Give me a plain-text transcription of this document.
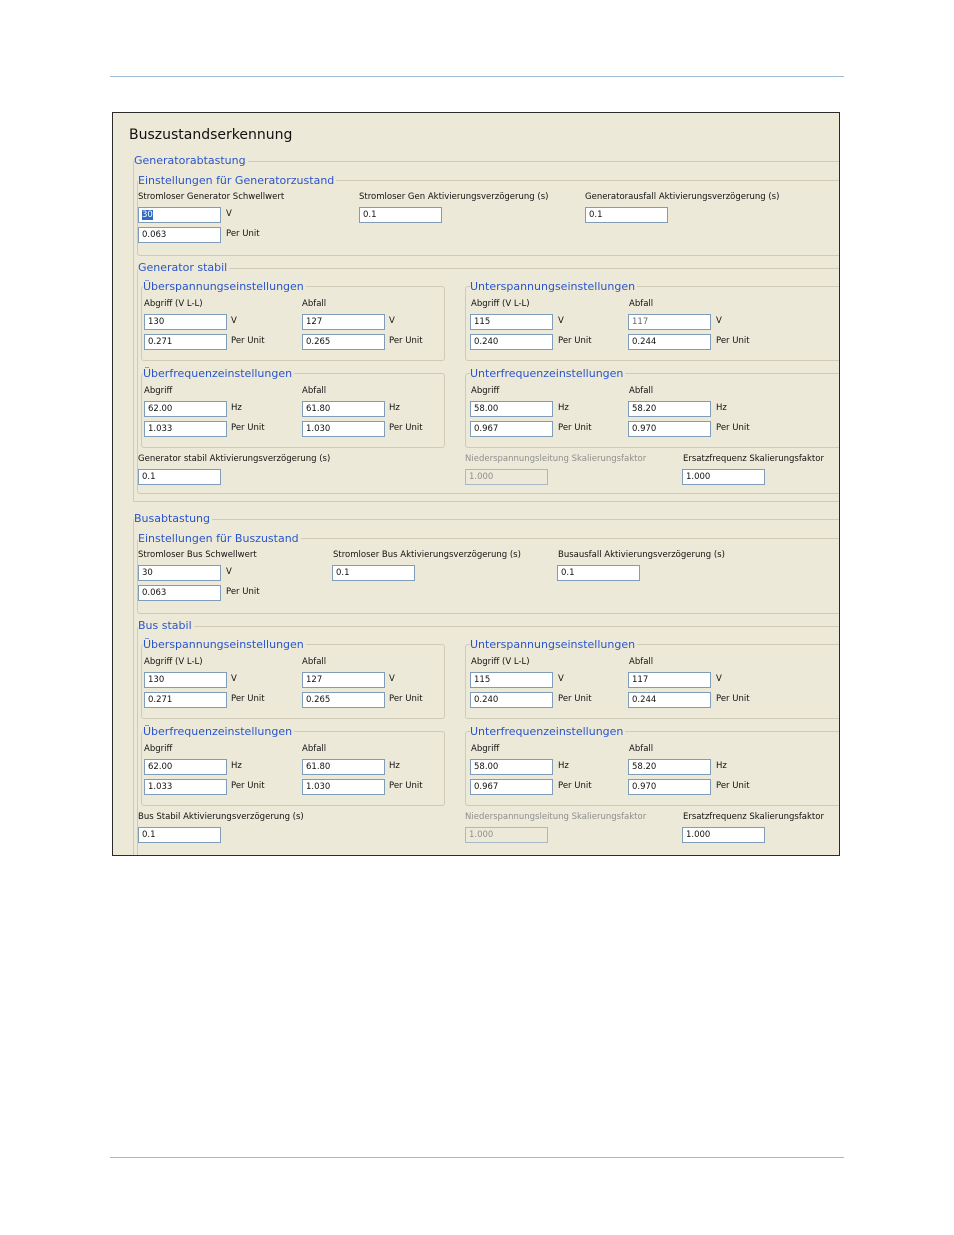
Buszustandserkennung
Generatorabtastung
Einstellungen für Generatorzustand
Stromloser Generator Schwellwert
30	V
0.063	Per Unit
Stromloser Gen Aktivierungsverzögerung (s)
0.1
Generatorausfall Aktivierungsverzögerung (s)
0.1
Generator stabil
Überspannungseinstellungen
Abgriff (V L-L)	Abfall
130	V	127	V
0.271	Per Unit	0.265	Per Unit
Unterspannungseinstellungen
Abgriff (V L-L)	Abfall
115	V	117	V
0.240	Per Unit	0.244	Per Unit
Überfrequenzeinstellungen
Abgriff	Abfall
62.00	Hz	61.80	Hz
1.033	Per Unit	1.030	Per Unit
Unterfrequenzeinstellungen
Abgriff	Abfall
58.00	Hz	58.20	Hz
0.967	Per Unit	0.970	Per Unit
Generator stabil Aktivierungsverzögerung (s)
0.1
Niederspannungsleitung Skalierungsfaktor
1.000
Ersatzfrequenz Skalierungsfaktor
1.000
Busabtastung
Einstellungen für Buszustand
Stromloser Bus Schwellwert
30	V
0.063	Per Unit
Stromloser Bus Aktivierungsverzögerung (s)
0.1
Busausfall Aktivierungsverzögerung (s)
0.1
Bus stabil
Überspannungseinstellungen
Abgriff (V L-L)	Abfall
130	V	127	V
0.271	Per Unit	0.265	Per Unit
Unterspannungseinstellungen
Abgriff (V L-L)	Abfall
115	V	117	V
0.240	Per Unit	0.244	Per Unit
Überfrequenzeinstellungen
Abgriff	Abfall
62.00	Hz	61.80	Hz
1.033	Per Unit	1.030	Per Unit
Unterfrequenzeinstellungen
Abgriff	Abfall
58.00	Hz	58.20	Hz
0.967	Per Unit	0.970	Per Unit
Bus Stabil Aktivierungsverzögerung (s)
0.1
Niederspannungsleitung Skalierungsfaktor
1.000
Ersatzfrequenz Skalierungsfaktor
1.000
